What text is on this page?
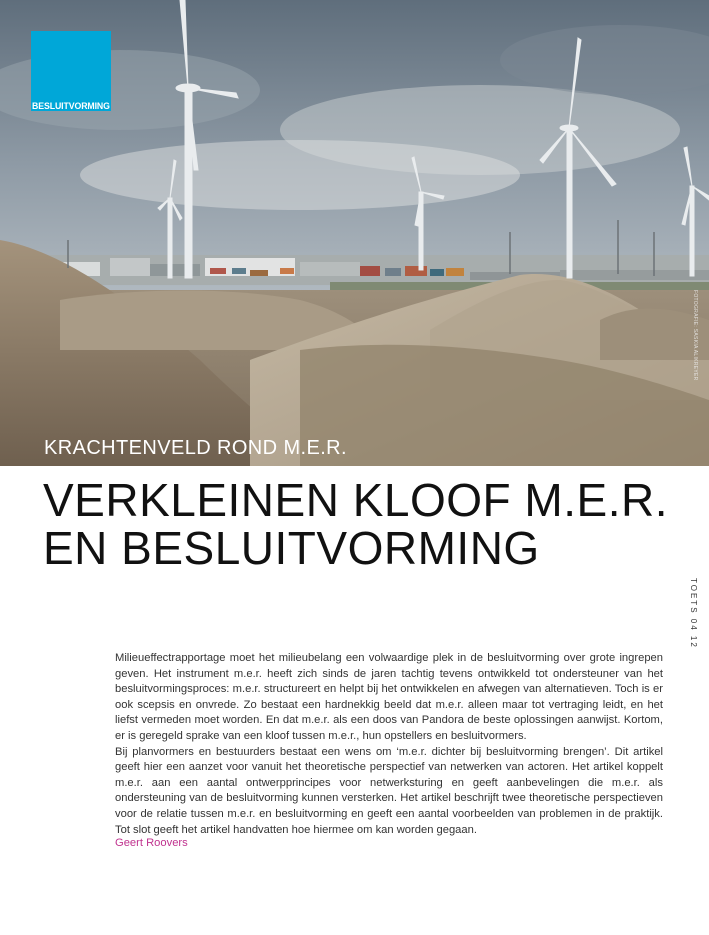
BESLUITVORMING
FOTOGRAFIE: SASKIA ALIKREYER
KRACHTENVELD ROND M.E.R.
VERKLEINEN KLOOF M.E.R.
EN BESLUITVORMING
TOETS 04 12

Milieueffectrapportage moet het milieubelang een volwaardige plek in de besluitvorming over grote ingrepen geven. Het instrument m.e.r. heeft zich sinds de jaren tachtig tevens ontwikkeld tot ondersteuner van het besluitvormingsproces: m.e.r. structureert en helpt bij het ontwikkelen en afwegen van alternatieven. Toch is er ook scepsis en onvrede. Zo bestaat een hardnekkig beeld dat m.e.r. alleen maar tot vertraging leidt, en het liefst vermeden moet worden. En dat m.e.r. als een doos van Pandora de beste oplossingen aanwijst. Kortom, er is geregeld sprake van een kloof tussen m.e.r., hun opstellers en besluitvormers.

Bij planvormers en bestuurders bestaat een wens om ‘m.e.r. dichter bij besluitvorming brengen’. Dit artikel geeft hier een aanzet voor vanuit het theoretische perspectief van netwerken van actoren. Het artikel koppelt m.e.r. aan een aantal ontwerpprincipes voor netwerksturing en geeft aanbevelingen die m.e.r. als ondersteuning van de besluitvorming kunnen versterken. Het artikel beschrijft twee theoretische perspectieven voor de relatie tussen m.e.r. en besluitvorming en geeft een aantal voorbeelden van problemen in de praktijk. Tot slot geeft het artikel handvatten hoe hiermee om kan worden gegaan.

Geert Roovers
